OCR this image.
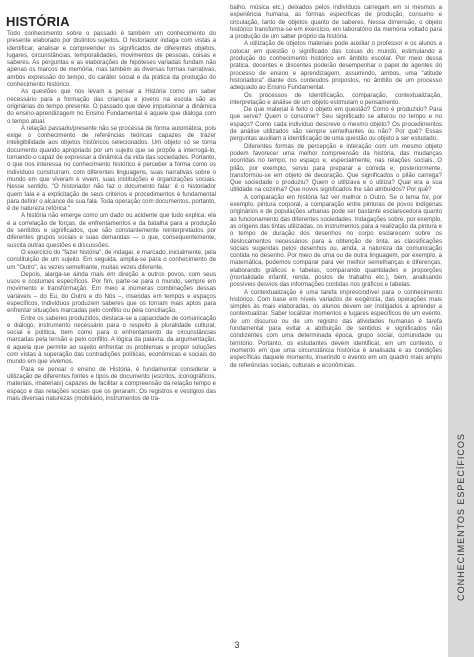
HISTÓRIA

Todo conhecimento sobre o passado é também um conhecimento do presente elaborado por distintos sujeitos. O historiador indaga com vistas a identificar, analisar e compreender os significados de diferentes objetos, lugares, circunstâncias, temporalidades, movimentos de pessoas, coisas e saberes. As perguntas e as elaborações de hipóteses variadas fundam não apenas os marcos de memória, mas também as diversas formas narrativas, ambos expressão do tempo, do caráter social e da prática da produção do conhecimento histórico.

As questões que nos levam a pensar a História como um saber necessário para a formação das crianças e jovens na escola são as originárias do tempo presente. O passado que deve impulsionar a dinâmica do ensino-aprendizagem no Ensino Fundamental é aquele que dialoga com o tempo atual.

A relação passado/presente não se processa de forma automática, pois exige o conhecimento de referências teóricas capazes de trazer inteligibilidade aos objetos históricos selecionados. Um objeto só se torna documento quando apropriado por um sujeito que se propõe a interrogá-lo, tornando-o capaz de expressar a dinâmica da vida das sociedades. Portanto, o que nos interessa no conhecimento histórico é perceber a forma como os indivíduos construíram, com diferentes linguagens, suas narrativas sobre o mundo em que viveram e vivem, suas instituições e organizações sociais. Nesse sentido, "O historiador não faz o documento falar: é o historiador quem fala e a explicitação de seus critérios e procedimentos é fundamental para definir o alcance de sua fala. Toda operação com documentos, portanto, é de natureza retórica."

A história não emerge como um dado ou acidente que tudo explica: ela é a correlação de forças, de enfrentamentos e da batalha para a produção de sentidos e significados, que são constantemente reinterpretados por diferentes grupos sociais e suas demandas — o que, consequentemente, suscita outras questões e discussões.

O exercício do "fazer história", de indagar, é marcado, inicialmente, pela constituição de um sujeito. Em seguida, amplia-se para o conhecimento de um "Outro", às vezes semelhante, muitas vezes diferente.

Depois, alarga-se ainda mais em direção a outros povos, com seus usos e costumes específicos. Por fim, parte-se para o mundo, sempre em movimento e transformação. Em meio a inúmeras combinações dessas variáveis – do Eu, do Outro e do Nós –, inseridas em tempos e espaços específicos, indivíduos produzem saberes que os tornam mais aptos para enfrentar situações marcadas pelo conflito ou pela conciliação.

Entre os saberes produzidos, destaca-se a capacidade de comunicação e diálogo, instrumento necessário para o respeito à pluralidade cultural, social e política, bem como para o enfrentamento de circunstâncias marcadas pela tensão e pelo conflito. A lógica da palavra, da argumentação, é aquela que permite ao sujeito enfrentar os problemas e propor soluções com vistas à superação das contradições políticas, econômicas e sociais do mundo em que vivemos.

Para se pensar o ensino de História, é fundamental considerar a utilização de diferentes fontes e tipos de documento (escritos, iconográficos, materiais, imateriais) capazes de facilitar a compreensão da relação tempo e espaço e das relações sociais que os geraram. Os registros e vestígios das mais diversas naturezas (mobiliário, instrumentos de tra-

balho, música etc.) deixados pelos indivíduos carregam em si mesmos a experiência humana, as formas específicas de produção, consumo e circulação, tanto de objetos quanto de saberes. Nessa dimensão, o objeto histórico transforma-se em exercício, em laboratório da memória voltado para a produção de um saber próprio da história.

A utilização de objetos materiais pode auxiliar o professor e os alunos a colocar em questão o significado das coisas do mundo, estimulando a produção do conhecimento histórico em âmbito escolar. Por meio dessa prática, docentes e discentes poderão desempenhar o papel de agentes do processo de ensino e aprendizagem, assumindo, ambos, uma "atitude historiadora" diante dos conteúdos propostos, no âmbito de um processo adequado ao Ensino Fundamental.

Os processos de identificação, comparação, contextualização, interpretação e análise de um objeto estimulam o pensamento.

De que material é feito o objeto em questão? Como é produzido? Para que serve? Quem o consome? Seu significado se alterou no tempo e no espaço? Como cada indivíduo descreve o mesmo objeto? Os procedimentos de análise utilizados são sempre semelhantes ou não? Por quê? Essas perguntas auxiliam a identificação de uma questão ou objeto a ser estudado.

Diferentes formas de percepção e interação com um mesmo objeto podem favorecer uma melhor compreensão da história, das mudanças ocorridas no tempo, no espaço e, especialmente, nas relações sociais. O pilão, por exemplo, serviu para preparar a comida e, posteriormente, transformou-se em objeto de decoração. Que significados o pilão carrega? Que sociedade o produziu? Quem o utilizava e o utiliza? Qual era a sua utilidade na cozinha? Que novos significados lhe são atribuídos? Por quê?

A comparação em história faz ver melhor o Outro. Se o tema for, por exemplo, pintura corporal, a comparação entre pinturas de povos indígenas originários e de populações urbanas pode ser bastante esclarecedora quanto ao funcionamento das diferentes sociedades. Indagações sobre, por exemplo, as origens das tintas utilizadas, os instrumentos para a realização da pintura e o tempo de duração dos desenhos no corpo esclarecem sobre os deslocamentos necessários para a obtenção de tinta, as classificações sociais sugeridas pelos desenhos ou, ainda, a natureza da comunicação contida no desenho. Por meio de uma ou de outra linguagem, por exemplo, a matemática, podemos comparar para ver melhor semelhanças e diferenças, elaborando gráficos e tabelas, comparando quantidades e proporções (mortalidade infantil, renda, postos de trabalho etc.), bem, analisando possíveis desvios das informações contidas nos gráficos e tabelas.

A contextualização é uma tarefa imprescindível para o conhecimento histórico. Com base em níveis variados de exigência, das operações mais simples às mais elaboradas, os alunos devem ser instigados a aprender a contextualizar. Saber localizar momentos e lugares específicos de um evento, de um discurso ou de um registro das atividades humanas é tarefa fundamental para evitar a atribuição de sentidos e significados não condizentes com uma determinada época, grupo social, comunidade ou território. Portanto, os estudantes devem identificar, em um contexto, o momento em que uma circunstância histórica é analisada e as condições específicas daquele momento, inserindo o evento em um quadro mais amplo de referências sociais, culturais e econômicas.

CONHECIMENTOS ESPECÍFICOS
3
